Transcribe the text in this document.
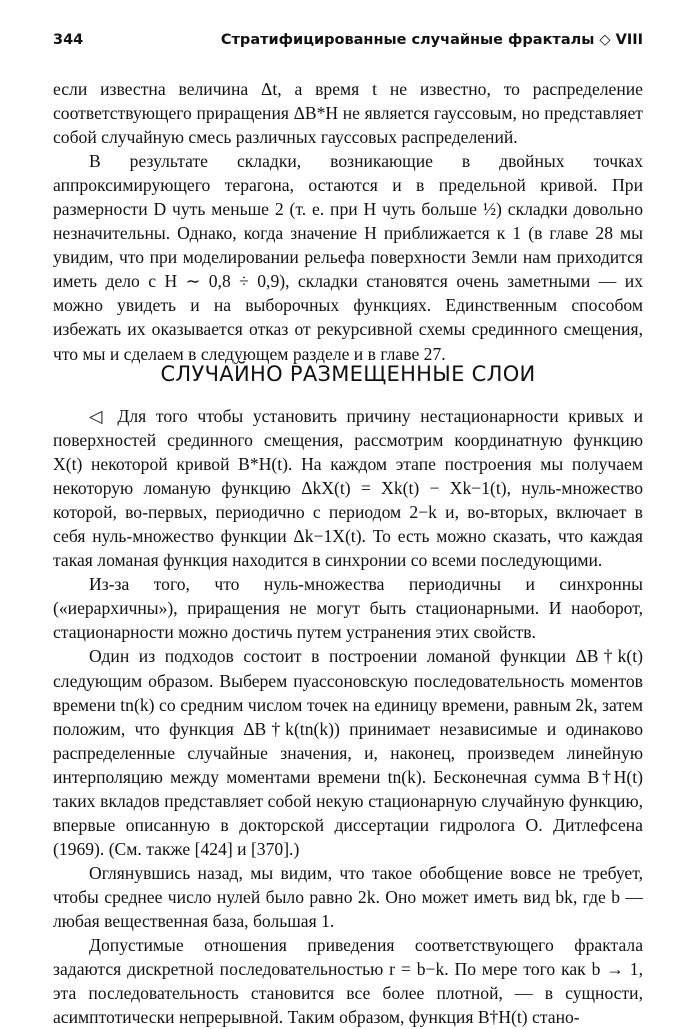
344	Стратифицированные случайные фракталы ◇ VIII

если известна величина Δt, а время t не известно, то распределение соответствующего приращения ΔB*H не является гауссовым, но представляет собой случайную смесь различных гауссовых распределений.

В результате складки, возникающие в двойных точках аппроксимирующего терагона, остаются и в предельной кривой. При размерности D чуть меньше 2 (т. е. при H чуть больше ½) складки довольно незначительны. Однако, когда значение H приближается к 1 (в главе 28 мы увидим, что при моделировании рельефа поверхности Земли нам приходится иметь дело с H ∼ 0,8 ÷ 0,9), складки становятся очень заметными — их можно увидеть и на выборочных функциях. Единственным способом избежать их оказывается отказ от рекурсивной схемы срединного смещения, что мы и сделаем в следующем разделе и в главе 27.

СЛУЧАЙНО РАЗМЕЩЕННЫЕ СЛОИ

◁ Для того чтобы установить причину нестационарности кривых и поверхностей срединного смещения, рассмотрим координатную функцию X(t) некоторой кривой B*H(t). На каждом этапе построения мы получаем некоторую ломаную функцию ΔkX(t) = Xk(t) − Xk−1(t), нуль-множество которой, во-первых, периодично с периодом 2−k и, во-вторых, включает в себя нуль-множество функции Δk−1X(t). То есть можно сказать, что каждая такая ломаная функция находится в синхронии со всеми последующими.

Из-за того, что нуль-множества периодичны и синхронны («иерархичны»), приращения не могут быть стационарными. И наоборот, стационарности можно достичь путем устранения этих свойств.

Один из подходов состоит в построении ломаной функции ΔB†k(t) следующим образом. Выберем пуассоновскую последовательность моментов времени tn(k) со средним числом точек на единицу времени, равным 2k, затем положим, что функция ΔB†k(tn(k)) принимает независимые и одинаково распределенные случайные значения, и, наконец, произведем линейную интерполяцию между моментами времени tn(k). Бесконечная сумма B†H(t) таких вкладов представляет собой некую стационарную случайную функцию, впервые описанную в докторской диссертации гидролога О. Дитлефсена (1969). (См. также [424] и [370].)

Оглянувшись назад, мы видим, что такое обобщение вовсе не требует, чтобы среднее число нулей было равно 2k. Оно может иметь вид bk, где b — любая вещественная база, большая 1.

Допустимые отношения приведения соответствующего фрактала задаются дискретной последовательностью r = b−k. По мере того как b → 1, эта последовательность становится все более плотной, — в сущности, асимптотически непрерывной. Таким образом, функция B†H(t) стано-
